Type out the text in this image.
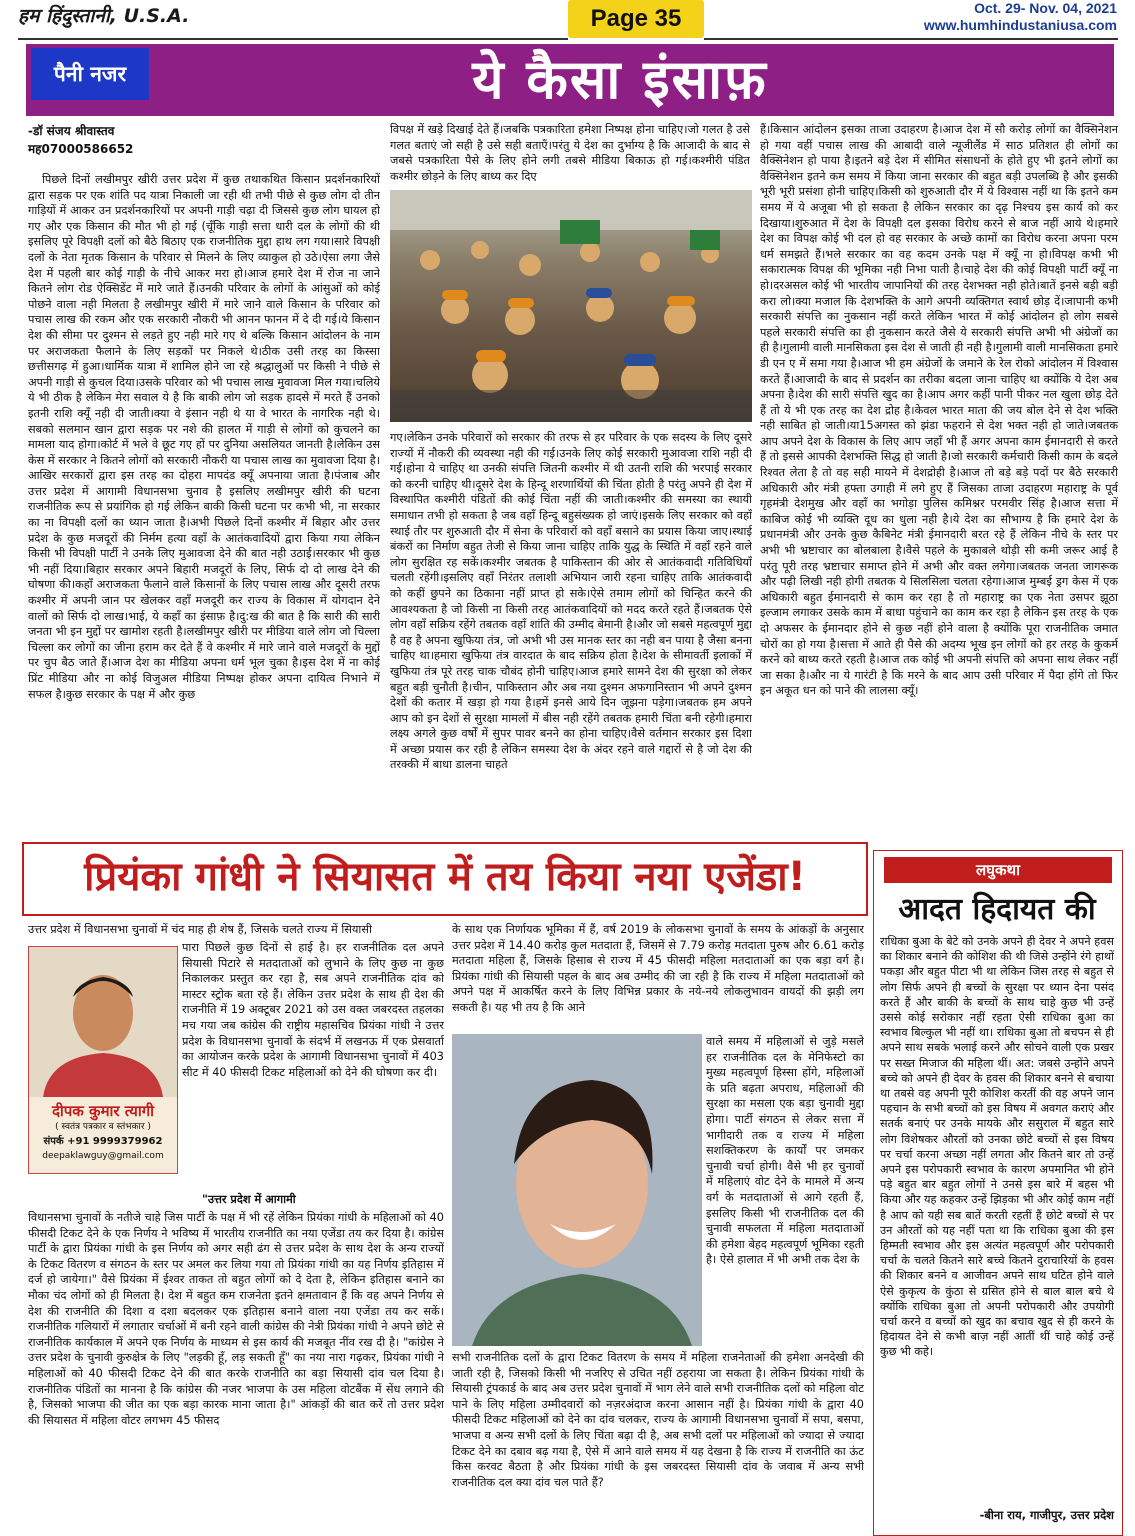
हम हिंदुस्तानी, U.S.A.	Page 35	Oct. 29- Nov. 04, 2021
www.humhindustaniusa.com
पैनी नजर	ये कैसा इंसाफ़
-डॉ संजय श्रीवास्तव
मह07000586652

पिछले दिनों लखीमपुर खीरी उत्तर प्रदेश में कुछ तथाकथित किसान प्रदर्शनकारियों द्वारा सड़क पर एक शांति पद यात्रा निकाली जा रही थी तभी पीछे से कुछ लोग दो तीन गाड़ियों में आकर उन प्रदर्शनकारियों पर अपनी गाड़ी चढ़ा दी जिससे कुछ लोग घायल हो गए और एक किसान की मौत भी हो गई (चूँकि गाड़ी सत्ता धारी दल के लोगों की थी इसलिए पूरे विपक्षी दलों को बैठे बिठाए एक राजनीतिक मुद्दा हाथ लग गया।सारे विपक्षी दलों के नेता मृतक किसान के परिवार से मिलने के लिए व्याकुल हो उठे।ऐसा लगा जैसे देश में पहली बार कोई गाड़ी के नीचे आकर मरा हो।आज हमारे देश में रोज ना जाने कितने लोग रोड ऐक्सिडेंट में मारे जाते हैं।उनकी परिवार के लोगों के आंसुओं को कोई पोछने वाला नही मिलता है लखीमपुर खीरी में मारे जाने वाले किसान के परिवार को पचास लाख की रकम और एक सरकारी नौकरी भी आनन फानन में दे दी गई।ये किसान देश की सीमा पर दुश्मन से लड़ते हुए नही मारे गए थे बल्कि किसान आंदोलन के नाम पर अराजकता फैलाने के लिए सड़कों पर निकले थे।ठीक उसी तरह का किस्सा छत्तीसगढ़ में हुआ।धार्मिक यात्रा में शामिल होने जा रहे श्रद्धालुओं पर किसी ने पीछे से अपनी गाड़ी से कुचल दिया।उसके परिवार को भी पचास लाख मुवावजा मिल गया।चलिये ये भी ठीक है लेकिन मेरा सवाल ये है कि बाकी लोग जो सड़क हादसे में मरते हैं उनको इतनी राशि क्यूँ नही दी जाती।क्या वे इंसान नही थे या वे भारत के नागरिक नही थे।सबको सलमान खान द्वारा सड़क पर नशे की हालत में गाड़ी से लोगों को कुचलने का मामला याद होगा।कोर्ट में भले वे छूट गए हों पर दुनिया असलियत जानती है।लेकिन उस केस में सरकार ने कितने लोगों को सरकारी नौकरी या पचास लाख का मुवावजा दिया है।आखिर सरकारों द्वारा इस तरह का दोहरा मापदंड क्यूँ अपनाया जाता है।पंजाब और उत्तर प्रदेश में आगामी विधानसभा चुनाव है इसलिए लखीमपुर खीरी की घटना राजनीतिक रूप से प्रयांगिक हो गई लेकिन बाकी किसी घटना पर कभी भी, ना सरकार का ना विपक्षी दलों का ध्यान जाता है।अभी पिछले दिनों कश्मीर में बिहार और उत्तर प्रदेश के कुछ मजदूरों की निर्मम हत्या वहाँ के आतंकवादियों द्वारा किया गया लेकिन किसी भी विपक्षी पार्टी ने उनके लिए मुआवजा देने की बात नही उठाई।सरकार भी कुछ भी नहीं दिया।बिहार सरकार अपने बिहारी मजदूरों के लिए, सिर्फ दो दो लाख देने की घोषणा की।कहाँ अराजकता फैलाने वाले किसानों के लिए पचास लाख और दूसरी तरफ कश्मीर में अपनी जान पर खेलकर वहाँ मजदूरी कर राज्य के विकास में योगदान देने वालों को सिर्फ दो लाख।भाई, ये कहाँ का इंसाफ़ है।दु:ख की बात है कि सारी की सारी जनता भी इन मुद्दों पर खामोश रहती है।लखीमपुर खीरी पर मीडिया वाले लोग जो चिल्ला चिल्ला कर लोगों का जीना हराम कर देते हैं वे कश्मीर में मारे जाने वाले मजदूरों के मुद्दों पर चुप बैठ जाते हैं।आज देश का मीडिया अपना धर्म भूल चुका है।इस देश में ना कोई प्रिंट मीडिया और ना कोई विजुअल मीडिया निष्पक्ष होकर अपना दायित्व निभाने में सफल है।कुछ सरकार के पक्ष में और कुछ

विपक्ष में खड़े दिखाई देते हैं।जबकि पत्रकारिता हमेशा निष्पक्ष होना चाहिए।जो गलत है उसे गलत बताएं जो सही है उसे सही बताएँ।परंतु ये देश का दुर्भाग्य है कि आजादी के बाद से जबसे पत्रकारिता पैसे के लिए होने लगी तबसे मीडिया बिकाऊ हो गई।कश्मीरी पंडित कश्मीर छोड़ने के लिए बाध्य कर दिए

गए।लेकिन उनके परिवारों को सरकार की तरफ से हर परिवार के एक सदस्य के लिए दूसरे राज्यों में नौकरी की व्यवस्था नही की गई।उनके लिए कोई सरकारी मुआवजा राशि नही दी गई।होना ये चाहिए था उनकी संपत्ति जितनी कश्मीर में थी उतनी राशि की भरपाई सरकार को करनी चाहिए थी।दूसरे देश के हिन्दू शरणार्थियों की चिंता होती है परंतु अपने ही देश में विस्थापित कश्मीरी पंडितों की कोई चिंता नहीं की जाती।कश्मीर की समस्या का स्थायी समाधान तभी हो सकता है जब वहाँ हिन्दू बहुसंख्यक हो जाएं।इसके लिए सरकार को वहाँ स्थाई तौर पर शुरुआती दौर में सेना के परिवारों को वहाँ बसाने का प्रयास किया जाए।स्थाई बंकरों का निर्माण बहुत तेजी से किया जाना चाहिए ताकि युद्ध के स्थिति में वहाँ रहने वाले लोग सुरक्षित रह सकें।कश्मीर जबतक है पाकिस्तान की ओर से आतंकवादी गतिविधियाँ चलती रहेंगी।इसलिए वहाँ निरंतर तलाशी अभियान जारी रहना चाहिए ताकि आतंकवादी को कहीं छुपने का ठिकाना नहीं प्राप्त हो सके।ऐसे तमाम लोगों को चिन्हित करने की आवश्यकता है जो किसी ना किसी तरह आतंकवादियों को मदद करते रहते हैं।जबतक ऐसे लोग वहाँ सक्रिय रहेंगे तबतक वहाँ शांति की उम्मीद बेमानी है।और जो सबसे महत्वपूर्ण मुद्दा है वह है अपना खुफिया तंत्र, जो अभी भी उस मानक स्तर का नही बन पाया है जैसा बनना चाहिए था।हमारा खुफिया तंत्र वारदात के बाद सक्रिय होता है।देश के सीमावर्ती इलाकों में खुफिया तंत्र पूरे तरह चाक चौबंद होनी चाहिए।आज हमारे सामने देश की सुरक्षा को लेकर बहुत बड़ी चुनौती है।चीन, पाकिस्तान और अब नया दुश्मन अफगानिस्तान भी अपने दुश्मन देशों की कतार में खड़ा हो गया है।हमें इनसे आये दिन जूझना पड़ेगा।जबतक हम अपने आप को इन देशों से सुरक्षा मामलों में बीस नही रहेंगे तबतक हमारी चिंता बनी रहेगी।हमारा लक्ष्य अगले कुछ वर्षों में सुपर पावर बनने का होना चाहिए।वैसे वर्तमान सरकार इस दिशा में अच्छा प्रयास कर रही है लेकिन समस्या देश के अंदर रहने वाले गद्दारों से है जो देश की तरक्की में बाधा डालना चाहते

हैं।किसान आंदोलन इसका ताजा उदाहरण है।आज देश में सौ करोड़ लोगों का वैक्सिनेशन हो गया वहीं पचास लाख की आबादी वाले न्यूजीलैंड में साठ प्रतिशत ही लोगों का वैक्सिनेशन हो पाया है।इतने बड़े देश में सीमित संसाधनों के होते हुए भी इतने लोगों का वैक्सिनेशन इतने कम समय में किया जाना सरकार की बहुत बड़ी उपलब्धि है और इसकी भूरी भूरी प्रसंशा होनी चाहिए।किसी को शुरुआती दौर में ये विश्वास नहीं था कि इतने कम समय में ये अजूबा भी हो सकता है लेकिन सरकार का दृढ़ निश्चय इस कार्य को कर दिखाया।शुरुआत में देश के विपक्षी दल इसका विरोध करने से बाज नहीं आये थे।हमारे देश का विपक्ष कोई भी दल हो वह सरकार के अच्छे कामों का विरोध करना अपना परम धर्म समझते हैं।भले सरकार का वह कदम उनके पक्ष में क्यूँ ना हो।विपक्ष कभी भी सकारात्मक विपक्ष की भूमिका नही निभा पाती है।चाहे देश की कोई विपक्षी पार्टी क्यूँ ना हो।दरअसल कोई भी भारतीय जापानियों की तरह देशभक्त नही होते।बातें इनसे बड़ी बड़ी करा लो।क्या मजाल कि देशभक्ति के आगे अपनी व्यक्तिगत स्वार्थ छोड़ दें।जापानी कभी सरकारी संपत्ति का नुकसान नहीं करते लेकिन भारत में कोई आंदोलन हो लोग सबसे पहले सरकारी संपत्ति का ही नुकसान करते जैसे ये सरकारी संपत्ति अभी भी अंग्रेजों का ही है।गुलामी वाली मानसिकता इस देश से जाती ही नही है।गुलामी वाली मानसिकता हमारे डी एन ए में समा गया है।आज भी हम अंग्रेजों के जमाने के रेल रोको आंदोलन में विश्वास करते हैं।आजादी के बाद से प्रदर्शन का तरीका बदला जाना चाहिए था क्योंकि ये देश अब अपना है।देश की सारी संपत्ति खुद का है।आप अगर कहीं पानी पीकर नल खुला छोड़ देते हैं तो ये भी एक तरह का देश द्रोह है।केवल भारत माता की जय बोल देने से देश भक्ति नही साबित हो जाती।या15अगस्त को झंडा फहराने से देश भक्त नही हो जाते।जबतक आप अपने देश के विकास के लिए आप जहाँ भी हैं अगर अपना काम ईमानदारी से करते हैं तो इससे आपकी देशभक्ति सिद्ध हो जाती है।जो सरकारी कर्मचारी किसी काम के बदले रिश्वत लेता है तो वह सही मायने में देशद्रोही है।आज तो बड़े बड़े पदों पर बैठे सरकारी अधिकारी और मंत्री हफ्ता उगाही में लगे हुए हैं जिसका ताजा उदाहरण महाराष्ट्र के पूर्व गृहमंत्री देशमुख और वहाँ का भगोड़ा पुलिस कमिश्नर परमवीर सिंह है।आज सत्ता में काबिज कोई भी व्यक्ति दूध का धुला नही है।ये देश का सौभाग्य है कि हमारे देश के प्रधानमंत्री और उनके कुछ कैबिनेट मंत्री ईमानदारी बरत रहे हैं लेकिन नीचे के स्तर पर अभी भी भ्रष्टाचार का बोलबाला है।वैसे पहले के मुकाबले थोड़ी सी कमी जरूर आई है परंतु पूरी तरह भ्रष्टाचार समाप्त होने में अभी और वक्त लगेगा।जबतक जनता जागरूक और पढ़ी लिखी नही होगी तबतक ये सिलसिला चलता रहेगा।आज मुम्बई ड्रग केस में एक अधिकारी बहुत ईमानदारी से काम कर रहा है तो महाराष्ट्र का एक नेता उसपर झूठा इल्जाम लगाकर उसके काम में बाधा पहुंचाने का काम कर रहा है लेकिन इस तरह के एक दो अफसर के ईमानदार होने से कुछ नहीं होने वाला है क्योंकि पूरा राजनीतिक जमात चोरों का हो गया है।सत्ता में आते ही पैसे की अदम्य भूख इन लोगों को हर तरह के कुकर्म करने को बाध्य करते रहती है।आज तक कोई भी अपनी संपत्ति को अपना साथ लेकर नहीं जा सका है।और ना ये गारंटी है कि मरने के बाद आप उसी परिवार में पैदा होंगे तो फिर इन अकूत धन को पाने की लालसा क्यूँ।

प्रियंका गांधी ने सियासत में तय किया नया एजेंडा!

उत्तर प्रदेश में विधानसभा चुनावों में चंद माह ही शेष हैं, जिसके चलते राज्य में सियासी

दीपक कुमार त्यागी
( स्वतंत्र पत्रकार व स्तंभकार )
संपर्क +91 9999379962
deepaklawguy@gmail.com

पारा पिछले कुछ दिनों से हाई है। हर राजनीतिक दल अपने सियासी पिटारे से मतदाताओं को लुभाने के लिए कुछ ना कुछ निकालकर प्रस्तुत कर रहा है, सब अपने राजनीतिक दांव को मास्टर स्ट्रोक बता रहे हैं। लेकिन उत्तर प्रदेश के साथ ही देश की राजनीति में 19 अक्टूबर 2021 को उस वक्त जबरदस्त तहलका मच गया जब कांग्रेस की राष्ट्रीय महासचिव प्रियंका गांधी ने उत्तर प्रदेश के विधानसभा चुनावों के संदर्भ में लखनऊ में एक प्रेसवार्ता का आयोजन करके प्रदेश के आगामी विधानसभा चुनावों में 403 सीट में 40 फीसदी टिकट महिलाओं को देने की घोषणा कर दी।

"उत्तर प्रदेश में आगामी

विधानसभा चुनावों के नतीजे चाहे जिस पार्टी के पक्ष में भी रहें लेकिन प्रियंका गांधी के महिलाओं को 40 फीसदी टिकट देने के एक निर्णय ने भविष्य में भारतीय राजनीति का नया एजेंडा तय कर दिया है। कांग्रेस पार्टी के द्वारा प्रियंका गांधी के इस निर्णय को अगर सही ढंग से उत्तर प्रदेश के साथ देश के अन्य राज्यों के टिकट वितरण व संगठन के स्तर पर अमल कर लिया गया तो प्रियंका गांधी का यह निर्णय इतिहास में दर्ज हो जायेगा।" वैसे प्रियंका में ईश्वर ताकत तो बहुत लोगों को दे देता है, लेकिन इतिहास बनाने का मौका चंद लोगों को ही मिलता है। देश में बहुत कम राजनेता इतने क्षमतावान हैं कि वह अपने निर्णय से देश की राजनीति की दिशा व दशा बदलकर एक इतिहास बनाने वाला नया एजेंडा तय कर सकें। राजनीतिक गलियारों में लगातार चर्चाओं में बनी रहने वाली कांग्रेस की नेत्री प्रियंका गांधी ने अपने छोटे से राजनीतिक कार्यकाल में अपने एक निर्णय के माध्यम से इस कार्य की मजबूत नींव रख दी है। "कांग्रेस ने उत्तर प्रदेश के चुनावी कुरुक्षेत्र के लिए "लड़की हूँ, लड़ सकती हूँ" का नया नारा गढ़कर, प्रियंका गांधी ने महिलाओं को 40 फीसदी टिकट देने की बात करके राजनीति का बड़ा सियासी दांव चल दिया है। राजनीतिक पंडितों का मानना है कि कांग्रेस की नजर भाजपा के उस महिला वोटबैंक में सेंध लगाने की है, जिसको भाजपा की जीत का एक बड़ा कारक माना जाता है।" आंकड़ों की बात करें तो उत्तर प्रदेश की सियासत में महिला वोटर लगभग 45 फीसद

के साथ एक निर्णायक भूमिका में हैं, वर्ष 2019 के लोकसभा चुनावों के समय के आंकड़ों के अनुसार उत्तर प्रदेश में 14.40 करोड़ कुल मतदाता हैं, जिसमें से 7.79 करोड़ मतदाता पुरुष और 6.61 करोड़ मतदाता महिला हैं, जिसके हिसाब से राज्य में 45 फीसदी महिला मतदाताओं का एक बड़ा वर्ग है। प्रियंका गांधी की सियासी पहल के बाद अब उम्मीद की जा रही है कि राज्य में महिला मतदाताओं को अपने पक्ष में आकर्षित करने के लिए विभिन्न प्रकार के नये-नये लोकलुभावन वायदों की झड़ी लग सकती है। यह भी तय है कि आने

वाले समय में महिलाओं से जुड़े मसले हर राजनीतिक दल के मेनिफेस्टो का मुख्य महत्वपूर्ण हिस्सा होंगे, महिलाओं के प्रति बढ़ता अपराध, महिलाओं की सुरक्षा का मसला एक बड़ा चुनावी मुद्दा होगा। पार्टी संगठन से लेकर सत्ता में भागीदारी तक व राज्य में महिला सशक्तिकरण के कार्यों पर जमकर चुनावी चर्चा होगी। वैसे भी हर चुनावों में महिलाएं वोट देने के मामले में अन्य वर्ग के मतदाताओं से आगे रहती हैं, इसलिए किसी भी राजनीतिक दल की चुनावी सफलता में महिला मतदाताओं की हमेशा बेहद महत्वपूर्ण भूमिका रहती है। ऐसे हालात में भी अभी तक देश के

सभी राजनीतिक दलों के द्वारा टिकट वितरण के समय में महिला राजनेताओं की हमेशा अनदेखी की जाती रही है, जिसको किसी भी नजरिए से उचित नहीं ठहराया जा सकता है। लेकिन प्रियंका गांधी के सियासी ट्रंपकार्ड के बाद अब उत्तर प्रदेश चुनावों में भाग लेने वाले सभी राजनीतिक दलों को महिला वोट पाने के लिए महिला उम्मीदवारों को नज़रअंदाज करना आसान नहीं है। प्रियंका गांधी के द्वारा 40 फीसदी टिकट महिलाओं को देने का दांव चलकर, राज्य के आगामी विधानसभा चुनावों में सपा, बसपा, भाजपा व अन्य सभी दलों के लिए चिंता बढ़ा दी है, अब सभी दलों पर महिलाओं को ज्यादा से ज्यादा टिकट देने का दबाव बढ़ गया है, ऐसे में आने वाले समय में यह देखना है कि राज्य में राजनीति का ऊंट किस करवट बैठता है और प्रियंका गांधी के इस जबरदस्त सियासी दांव के जवाब में अन्य सभी राजनीतिक दल क्या दांव चल पाते हैं?

लघुकथा
आदत हिदायत की

राधिका बुआ के बेटे को उनके अपने ही देवर ने अपने हवस का शिकार बनाने की कोशिश की थी जिसे उन्होंने रंगे हाथों पकड़ा और बहुत पीटा भी था लेकिन जिस तरह से बहुत से लोग सिर्फ अपने ही बच्चों के सुरक्षा पर ध्यान देना पसंद करते हैं और बाकी के बच्चों के साथ चाहे कुछ भी उन्हें उससे कोई सरोकार नहीं रहता ऐसी राधिका बुआ का स्वभाव बिल्कुल भी नहीं था। राधिका बुआ तो बचपन से ही अपने साथ सबके भलाई करने और सोचने वाली एक प्रखर पर सख्त मिजाज की महिला थीं। अत: जबसे उन्होंने अपने बच्चे को अपने ही देवर के हवस की शिकार बनने से बचाया था तबसे वह अपनी पूरी कोशिश करतीं की वह अपने जान पहचान के सभी बच्चों को इस विषय में अवगत कराएं और सतर्क बनाएं पर उनके मायके और ससुराल में बहुत सारे लोग विशेषकर औरतों को उनका छोटे बच्चों से इस विषय पर चर्चा करना अच्छा नहीं लगता और कितने बार तो उन्हें अपने इस परोपकारी स्वभाव के कारण अपमानित भी होने पड़े बहुत बार बहुत लोगों ने उनसे इस बारे में बहस भी किया और यह कहकर उन्हें झिड़का भी और कोई काम नहीं है आप को यही सब बातें करती रहतीं हैं छोटे बच्चों से पर उन औरतों को यह नहीं पता था कि राधिका बुआ की इस हिम्मती स्वभाव और इस अत्यंत महत्वपूर्ण और परोपकारी चर्चा के चलते कितने सारे बच्चे कितने दुराचारियों के हवस की शिकार बनने व आजीवन अपने साथ घटित होने वाले ऐसे कुकृत्य के कुंठा से ग्रसित होने से बाल बाल बचे थे क्योंकि राधिका बुआ तो अपनी परोपकारी और उपयोगी चर्चा करने व बच्चों को खुद का बचाव खुद से ही करने के हिदायत देने से कभी बाज़ नहीं आतीं थीं चाहे कोई उन्हें कुछ भी कहे।

-बीना राय, गाजीपुर, उत्तर प्रदेश
